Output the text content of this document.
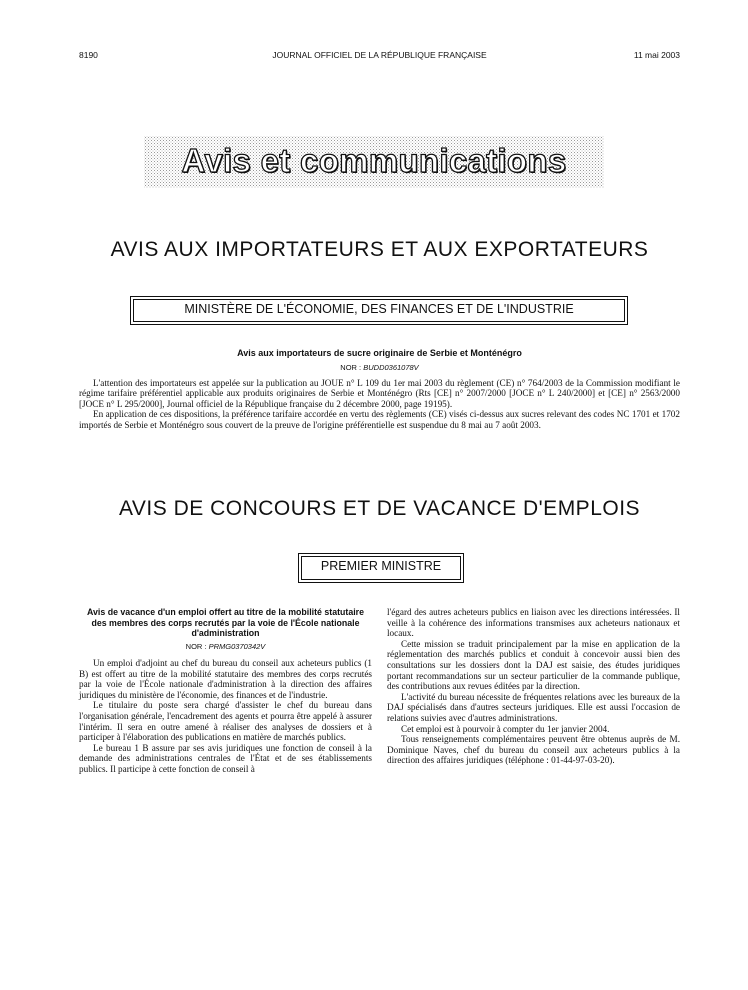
8190	JOURNAL OFFICIEL DE LA RÉPUBLIQUE FRANÇAISE	11 mai 2003
Avis et communications
AVIS AUX IMPORTATEURS ET AUX EXPORTATEURS
MINISTÈRE DE L'ÉCONOMIE, DES FINANCES ET DE L'INDUSTRIE
Avis aux importateurs de sucre originaire de Serbie et Monténégro
NOR : BUDD0361078V

L'attention des importateurs est appelée sur la publication au JOUE n° L 109 du 1er mai 2003 du règlement (CE) n° 764/2003 de la Commission modifiant le régime tarifaire préférentiel applicable aux produits originaires de Serbie et Monténégro (Rts [CE] n° 2007/2000 [JOCE n° L 240/2000] et [CE] n° 2563/2000 [JOCE n° L 295/2000], Journal officiel de la République française du 2 décembre 2000, page 19195).

En application de ces dispositions, la préférence tarifaire accordée en vertu des règlements (CE) visés ci-dessus aux sucres relevant des codes NC 1701 et 1702 importés de Serbie et Monténégro sous couvert de la preuve de l'origine préférentielle est suspendue du 8 mai au 7 août 2003.

AVIS DE CONCOURS ET DE VACANCE D'EMPLOIS
PREMIER MINISTRE
Avis de vacance d'un emploi offert au titre de la mobilité statutaire des membres des corps recrutés par la voie de l'École nationale d'administration
NOR : PRMG0370342V

Un emploi d'adjoint au chef du bureau du conseil aux acheteurs publics (1 B) est offert au titre de la mobilité statutaire des membres des corps recrutés par la voie de l'École nationale d'administration à la direction des affaires juridiques du ministère de l'économie, des finances et de l'industrie.

Le titulaire du poste sera chargé d'assister le chef du bureau dans l'organisation générale, l'encadrement des agents et pourra être appelé à assurer l'intérim. Il sera en outre amené à réaliser des analyses de dossiers et à participer à l'élaboration des publications en matière de marchés publics.

Le bureau 1 B assure par ses avis juridiques une fonction de conseil à la demande des administrations centrales de l'État et de ses établissements publics. Il participe à cette fonction de conseil à

l'égard des autres acheteurs publics en liaison avec les directions intéressées. Il veille à la cohérence des informations transmises aux acheteurs nationaux et locaux.

Cette mission se traduit principalement par la mise en application de la réglementation des marchés publics et conduit à concevoir aussi bien des consultations sur les dossiers dont la DAJ est saisie, des études juridiques portant recommandations sur un secteur particulier de la commande publique, des contributions aux revues éditées par la direction.

L'activité du bureau nécessite de fréquentes relations avec les bureaux de la DAJ spécialisés dans d'autres secteurs juridiques. Elle est aussi l'occasion de relations suivies avec d'autres administrations.

Cet emploi est à pourvoir à compter du 1er janvier 2004.

Tous renseignements complémentaires peuvent être obtenus auprès de M. Dominique Naves, chef du bureau du conseil aux acheteurs publics à la direction des affaires juridiques (téléphone : 01-44-97-03-20).
